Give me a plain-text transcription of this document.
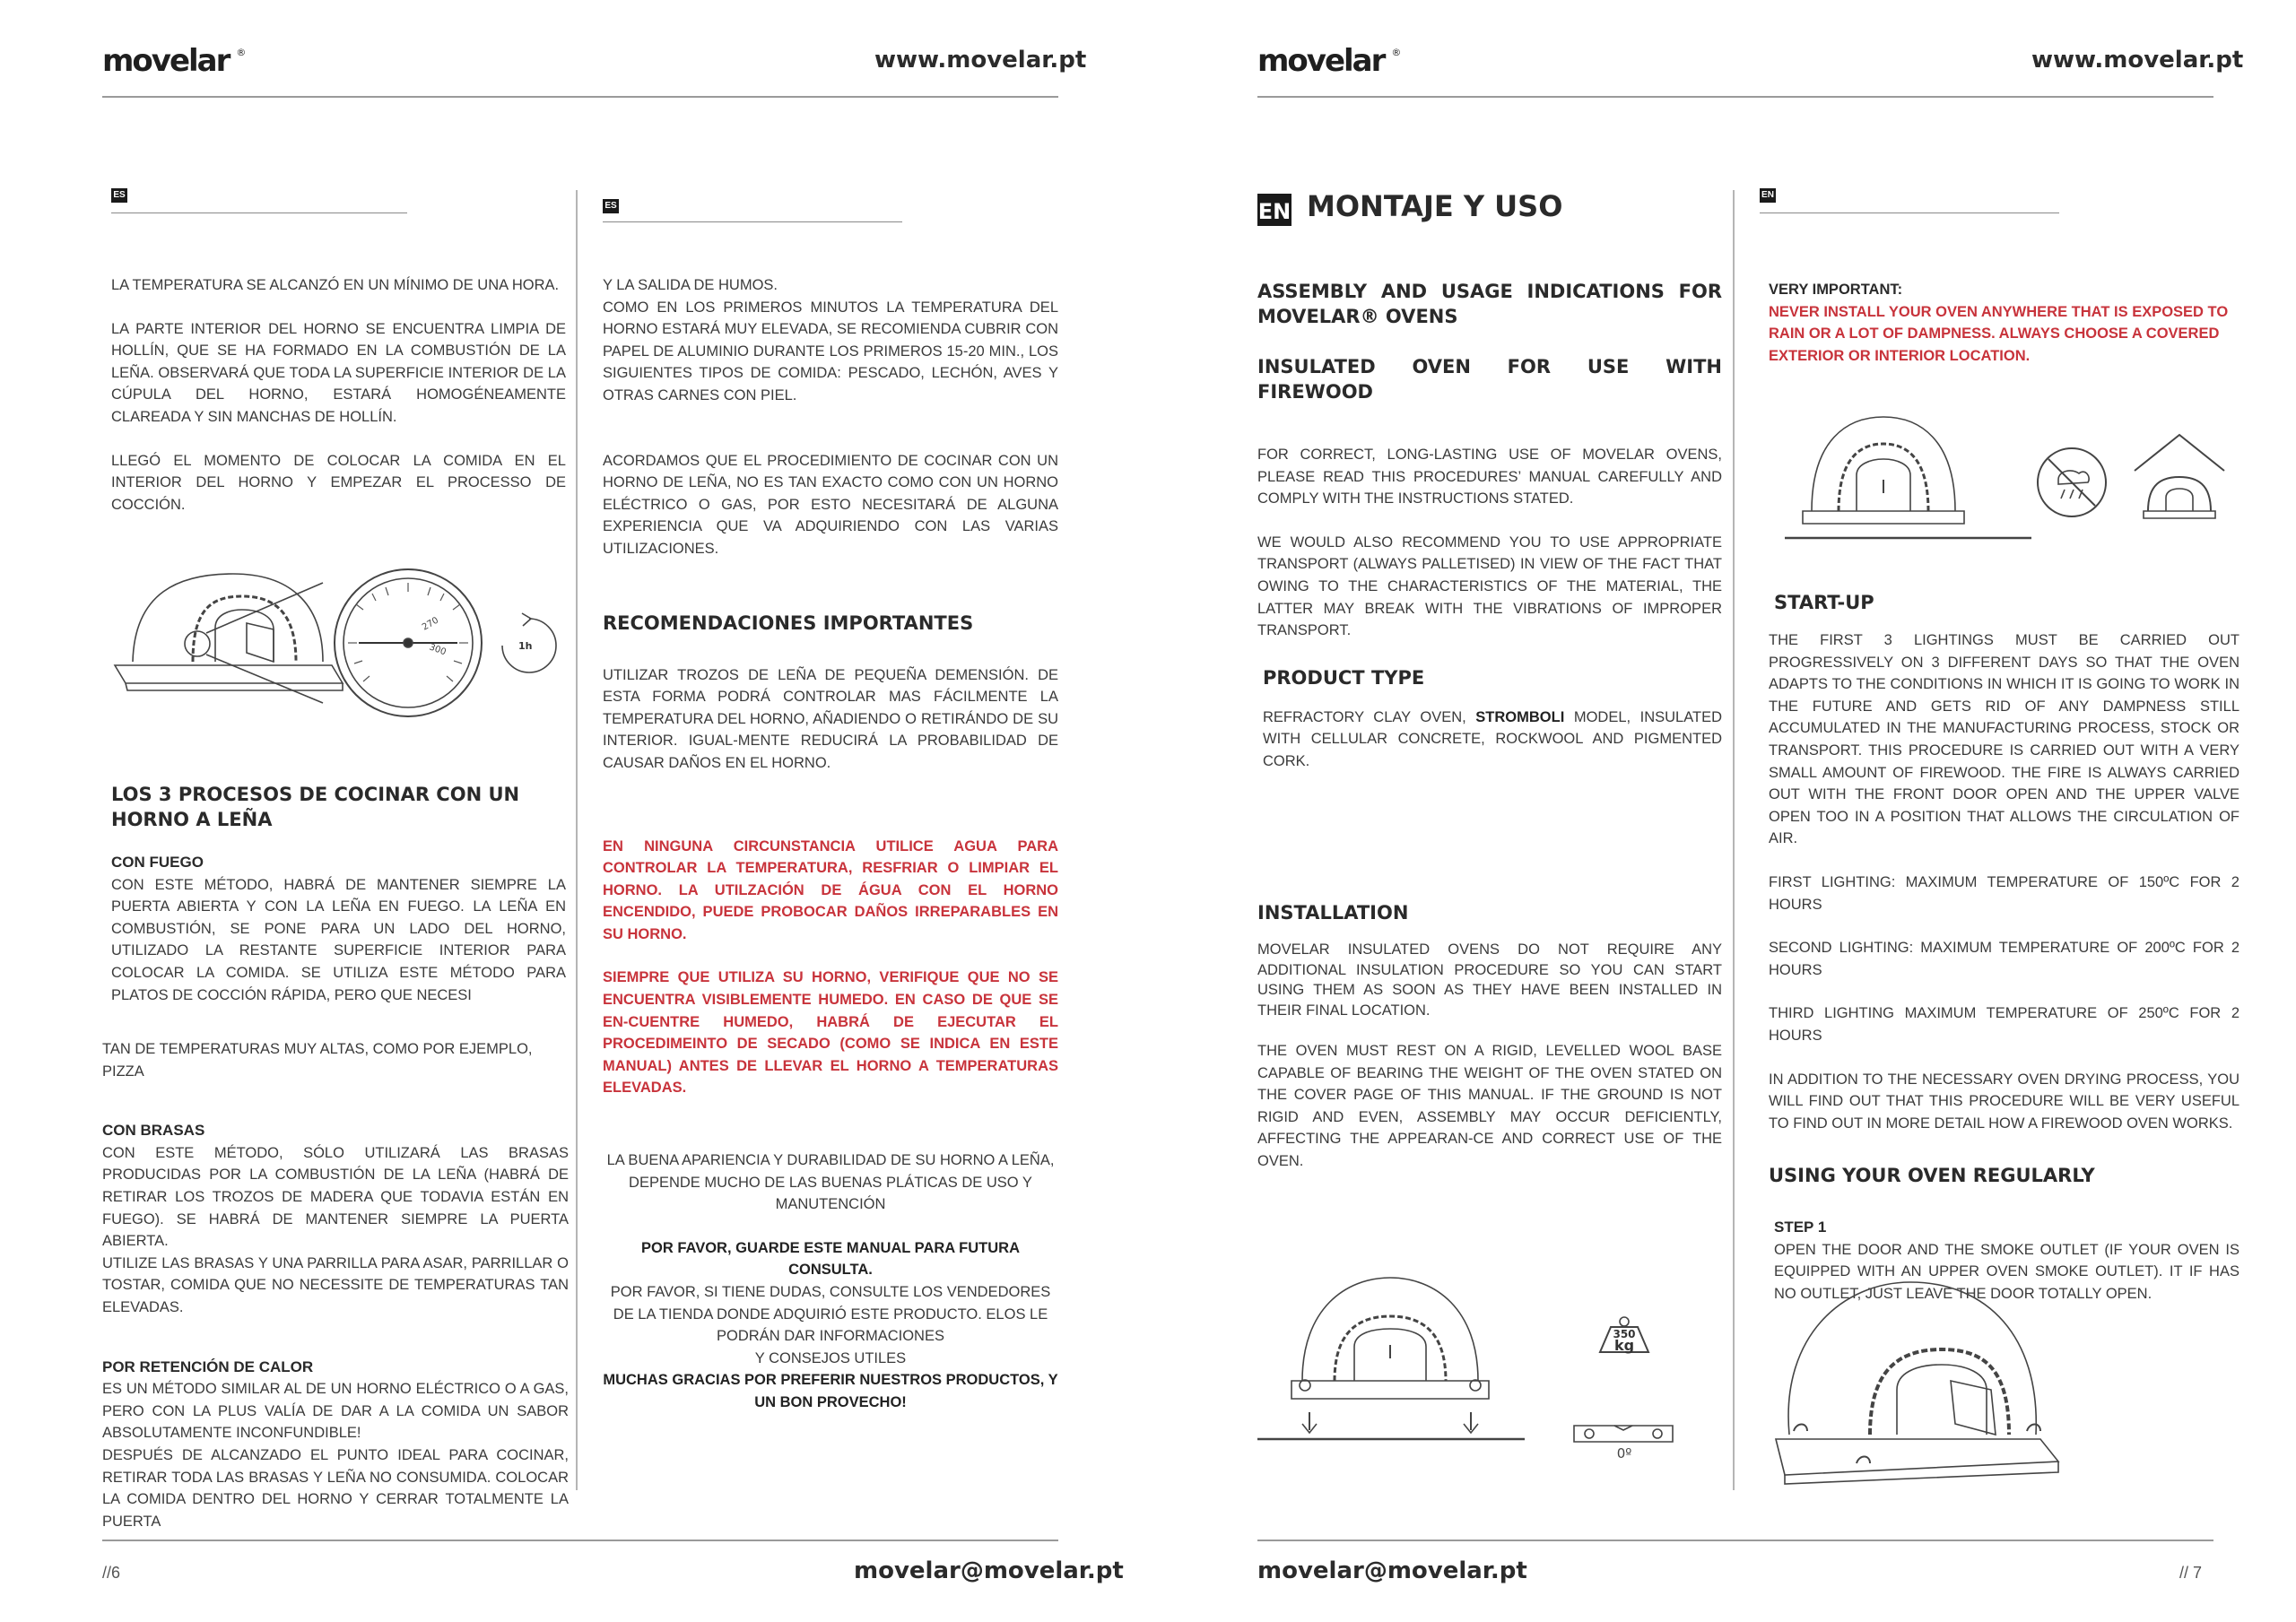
movelar ®	www.movelar.pt
ES
ES

LA TEMPERATURA SE ALCANZÓ EN UN MÍNIMO DE UNA HORA.

LA PARTE INTERIOR DEL HORNO SE ENCUENTRA LIMPIA DE HOLLÍN, QUE SE HA FORMADO EN LA COMBUSTIÓN DE LA LEÑA. OBSERVARÁ QUE TODA LA SUPERFICIE INTERIOR DE LA CÚPULA DEL HORNO, ESTARÁ HOMOGÉNEAMENTE CLAREADA Y SIN MANCHAS DE HOLLÍN.

LLEGÓ EL MOMENTO DE COLOCAR LA COMIDA EN EL INTERIOR DEL HORNO Y EMPEZAR EL PROCESSO DE COCCIÓN.

270
300	1h

LOS 3 PROCESOS DE COCINAR CON UN HORNO A LEÑA

CON FUEGO

CON ESTE MÉTODO, HABRÁ DE MANTENER SIEMPRE LA PUERTA ABIERTA Y CON LA LEÑA EN FUEGO. LA LEÑA EN COMBUSTIÓN, SE PONE PARA UN LADO DEL HORNO, UTILIZADO LA RESTANTE SUPERFICIE INTERIOR PARA COLOCAR LA COMIDA. SE UTILIZA ESTE MÉTODO PARA PLATOS DE COCCIÓN RÁPIDA, PERO QUE NECESI

TAN DE TEMPERATURAS MUY ALTAS, COMO POR EJEMPLO, PIZZA

CON BRASAS

CON ESTE MÉTODO, SÓLO UTILIZARÁ LAS BRASAS PRODUCIDAS POR LA COMBUSTIÓN DE LA LEÑA (HABRÁ DE RETIRAR LOS TROZOS DE MADERA QUE TODAVIA ESTÁN EN FUEGO). SE HABRÁ DE MANTENER SIEMPRE LA PUERTA ABIERTA.

UTILIZE LAS BRASAS Y UNA PARRILLA PARA ASAR, PARRILLAR O TOSTAR, COMIDA QUE NO NECESSITE DE TEMPERATURAS TAN ELEVADAS.

POR RETENCIÓN DE CALOR

ES UN MÉTODO SIMILAR AL DE UN HORNO ELÉCTRICO O A GAS, PERO CON LA PLUS VALÍA DE DAR A LA COMIDA UN SABOR ABSOLUTAMENTE INCONFUNDIBLE!

DESPUÉS DE ALCANZADO EL PUNTO IDEAL PARA COCINAR, RETIRAR TODA LAS BRASAS Y LEÑA NO CONSUMIDA. COLOCAR LA COMIDA DENTRO DEL HORNO Y CERRAR TOTALMENTE LA PUERTA

Y LA SALIDA DE HUMOS.

COMO EN LOS PRIMEROS MINUTOS LA TEMPERATURA DEL HORNO ESTARÁ MUY ELEVADA, SE RECOMIENDA CUBRIR CON PAPEL DE ALUMINIO DURANTE LOS PRIMEROS 15-20 MIN., LOS SIGUIENTES TIPOS DE COMIDA: PESCADO, LECHÓN, AVES Y OTRAS CARNES CON PIEL.

ACORDAMOS QUE EL PROCEDIMIENTO DE COCINAR CON UN HORNO DE LEÑA, NO ES TAN EXACTO COMO CON UN HORNO ELÉCTRICO O GAS, POR ESTO NECESITARÁ DE ALGUNA EXPERIENCIA QUE VA ADQUIRIENDO CON LAS VARIAS UTILIZACIONES.

RECOMENDACIONES IMPORTANTES

UTILIZAR TROZOS DE LEÑA DE PEQUEÑA DEMENSIÓN. DE ESTA FORMA PODRÁ CONTROLAR MAS FÁCILMENTE LA TEMPERATURA DEL HORNO, AÑADIENDO O RETIRÁNDO DE SU INTERIOR. IGUAL-MENTE REDUCIRÁ LA PROBABILIDAD DE CAUSAR DAÑOS EN EL HORNO.

EN NINGUNA CIRCUNSTANCIA UTILICE AGUA PARA CONTROLAR LA TEMPERATURA, RESFRIAR O LIMPIAR EL HORNO. LA UTILZACIÓN DE ÁGUA CON EL HORNO ENCENDIDO, PUEDE PROBOCAR DAÑOS IRREPARABLES EN SU HORNO.

SIEMPRE QUE UTILIZA SU HORNO, VERIFIQUE QUE NO SE ENCUENTRA VISIBLEMENTE HUMEDO. EN CASO DE QUE SE EN-CUENTRE HUMEDO, HABRÁ DE EJECUTAR EL PROCEDIMEINTO DE SECADO (COMO SE INDICA EN ESTE MANUAL) ANTES DE LLEVAR EL HORNO A TEMPERATURAS ELEVADAS.

LA BUENA APARIENCIA Y DURABILIDAD DE SU HORNO A LEÑA, DEPENDE MUCHO DE LAS BUENAS PLÁTICAS DE USO Y MANUTENCIÓN

POR FAVOR, GUARDE ESTE MANUAL PARA FUTURA CONSULTA.

POR FAVOR, SI TIENE DUDAS, CONSULTE LOS VENDEDORES DE LA TIENDA DONDE ADQUIRIÓ ESTE PRODUCTO. ELOS LE PODRÁN DAR INFORMACIONES

Y CONSEJOS UTILES

MUCHAS GRACIAS POR PREFERIR NUESTROS PRODUCTOS, Y UN BON PROVECHO!

//6	movelar@movelar.pt
movelar ®	www.movelar.pt
EN MONTAJE Y USO	EN

ASSEMBLY AND USAGE INDICATIONS FOR MOVELAR® OVENS

INSULATED OVEN FOR USE WITH FIREWOOD

FOR CORRECT, LONG-LASTING USE OF MOVELAR OVENS, PLEASE READ THIS PROCEDURES’ MANUAL CAREFULLY AND COMPLY WITH THE INSTRUCTIONS STATED.

WE WOULD ALSO RECOMMEND YOU TO USE APPROPRIATE TRANSPORT (ALWAYS PALLETISED) IN VIEW OF THE FACT THAT OWING TO THE CHARACTERISTICS OF THE MATERIAL, THE LATTER MAY BREAK WITH THE VIBRATIONS OF IMPROPER TRANSPORT.

PRODUCT TYPE

REFRACTORY CLAY OVEN, STROMBOLI MODEL, INSULATED WITH CELLULAR CONCRETE, ROCKWOOL AND PIGMENTED CORK.

INSTALLATION

MOVELAR INSULATED OVENS DO NOT REQUIRE ANY ADDITIONAL INSULATION PROCEDURE SO YOU CAN START USING THEM AS SOON AS THEY HAVE BEEN INSTALLED IN THEIR FINAL LOCATION.

THE OVEN MUST REST ON A RIGID, LEVELLED WOOL BASE CAPABLE OF BEARING THE WEIGHT OF THE OVEN STATED ON THE COVER PAGE OF THIS MANUAL. IF THE GROUND IS NOT RIGID AND EVEN, ASSEMBLY MAY OCCUR DEFICIENTLY, AFFECTING THE APPEARAN-CE AND CORRECT USE OF THE OVEN.

350
kg
0º

VERY IMPORTANT:

NEVER INSTALL YOUR OVEN ANYWHERE THAT IS EXPOSED TO RAIN OR A LOT OF DAMPNESS. ALWAYS CHOOSE A COVERED EXTERIOR OR INTERIOR LOCATION.

START-UP

THE FIRST 3 LIGHTINGS MUST BE CARRIED OUT PROGRESSIVELY ON 3 DIFFERENT DAYS SO THAT THE OVEN ADAPTS TO THE CONDITIONS IN WHICH IT IS GOING TO WORK IN THE FUTURE AND GETS RID OF ANY DAMPNESS STILL ACCUMULATED IN THE MANUFACTURING PROCESS, STOCK OR TRANSPORT. THIS PROCEDURE IS CARRIED OUT WITH A VERY SMALL AMOUNT OF FIREWOOD. THE FIRE IS ALWAYS CARRIED OUT WITH THE FRONT DOOR OPEN AND THE UPPER VALVE OPEN TOO IN A POSITION THAT ALLOWS THE CIRCULATION OF AIR.

FIRST LIGHTING: MAXIMUM TEMPERATURE OF 150ºC FOR 2 HOURS

SECOND LIGHTING: MAXIMUM TEMPERATURE OF 200ºC FOR 2 HOURS

THIRD LIGHTING MAXIMUM TEMPERATURE OF 250ºC FOR 2 HOURS

IN ADDITION TO THE NECESSARY OVEN DRYING PROCESS, YOU WILL FIND OUT THAT THIS PROCEDURE WILL BE VERY USEFUL TO FIND OUT IN MORE DETAIL HOW A FIREWOOD OVEN WORKS.

USING YOUR OVEN REGULARLY

STEP 1

OPEN THE DOOR AND THE SMOKE OUTLET (IF YOUR OVEN IS EQUIPPED WITH AN UPPER OVEN SMOKE OUTLET). IT IF HAS NO OUTLET, JUST LEAVE THE DOOR TOTALLY OPEN.

movelar@movelar.pt	// 7
